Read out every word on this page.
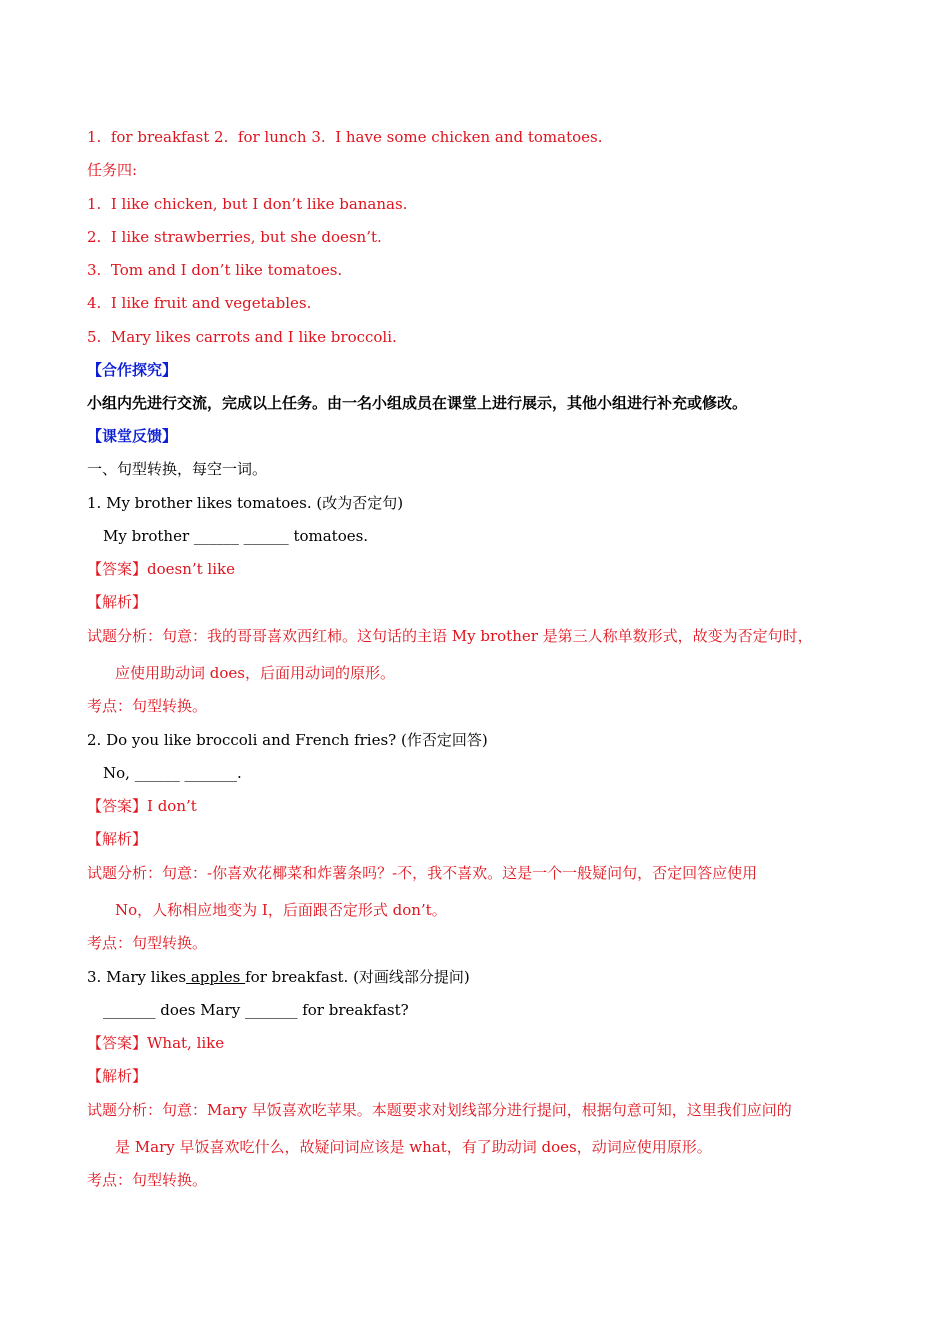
1.  for breakfast 2.  for lunch 3.  I have some chicken and tomatoes.
任务四:
1.  I like chicken, but I don’t like bananas.
2.  I like strawberries, but she doesn’t.
3.  Tom and I don’t like tomatoes.
4.  I like fruit and vegetables.
5.  Mary likes carrots and I like broccoli.
【合作探究】
小组内先进行交流，完成以上任务。由一名小组成员在课堂上进行展示，其他小组进行补充或修改。
【课堂反馈】
一、句型转换，每空一词。
1. My brother likes tomatoes. (改为否定句)
My brother ______ ______ tomatoes.
【答案】doesn’t like
【解析】
试题分析：句意：我的哥哥喜欢西红柿。这句话的主语 My brother 是第三人称单数形式，故变为否定句时，
应使用助动词 does，后面用动词的原形。
考点：句型转换。
2. Do you like broccoli and French fries? (作否定回答)
No, ______ _______.
【答案】I don’t
【解析】
试题分析：句意：-你喜欢花椰菜和炸薯条吗？-不，我不喜欢。这是一个一般疑问句，否定回答应使用
No，人称相应地变为 I，后面跟否定形式 don’t。
考点：句型转换。
3. Mary likes apples for breakfast. (对画线部分提问)
_______ does Mary _______ for breakfast?
【答案】What, like
【解析】
试题分析：句意：Mary 早饭喜欢吃苹果。本题要求对划线部分进行提问，根据句意可知，这里我们应问的
是 Mary 早饭喜欢吃什么，故疑问词应该是 what，有了助动词 does，动词应使用原形。
考点：句型转换。
